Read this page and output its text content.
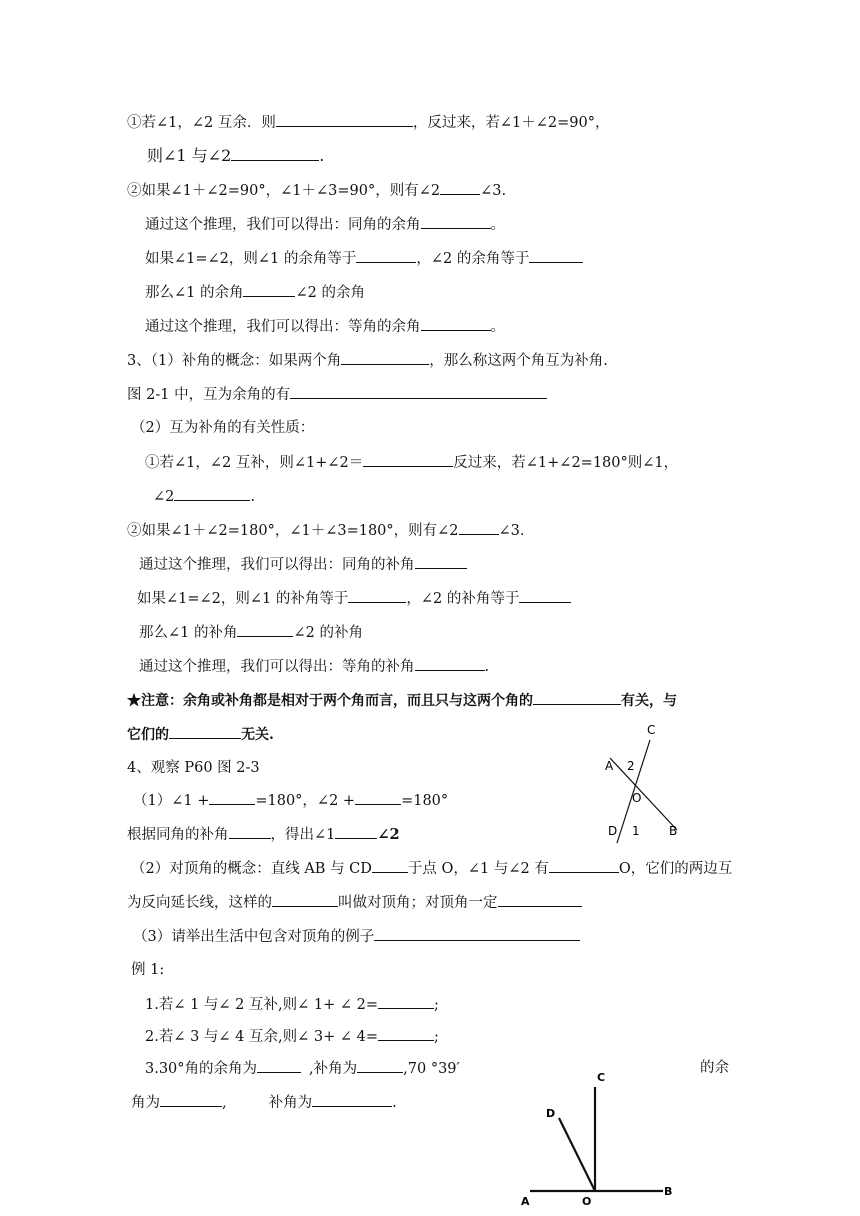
①若∠1，∠2 互余．则	，反过来，若∠1＋∠2=90°，
则∠1 与∠2	.
②如果∠1＋∠2=90°，∠1＋∠3=90°，则有∠2	∠3.
通过这个推理，我们可以得出：同角的余角	。
如果∠1=∠2，则∠1 的余角等于	，∠2 的余角等于
那么∠1 的余角	∠2 的余角
通过这个推理，我们可以得出：等角的余角	。
3、（1）补角的概念：如果两个角	，那么称这两个角互为补角.
图 2-1 中，互为余角的有
（2）互为补角的有关性质：
①若∠1，∠2 互补，则∠1+∠2＝	反过来，若∠1+∠2=180°则∠1，
∠2	.
②如果∠1＋∠2=180°，∠1＋∠3=180°，则有∠2	∠3.
通过这个推理，我们可以得出：同角的补角
如果∠1=∠2，则∠1 的补角等于	，∠2 的补角等于
那么∠1 的补角	∠2 的补角
通过这个推理，我们可以得出：等角的补角	.
★注意：余角或补角都是相对于两个角而言，而且只与这两个角的	有关，与
它们的	无关.
4、观察 P60 图 2-3
（1）∠1 +	=180°，∠2 +	=180°
根据同角的补角	，得出∠1	∠2
（2）对顶角的概念：直线 AB 与 CD 于点 O，∠1 与∠2 有	O，它们的两边互
为反向延长线，这样的	叫做对顶角；对顶角一定
（3）请举出生活中包含对顶角的例子
例 1:
1.若∠ 1 与∠ 2 互补,则∠ 1+ ∠ 2=	;
2.若∠ 3 与∠ 4 互余,则∠ 3+ ∠ 4=	;
3.30°角的余角为	,补角为	,70 °39′	的余
角为	,	补角为	.
C
A 2
O
D 1 B
C
D
A	O
B
